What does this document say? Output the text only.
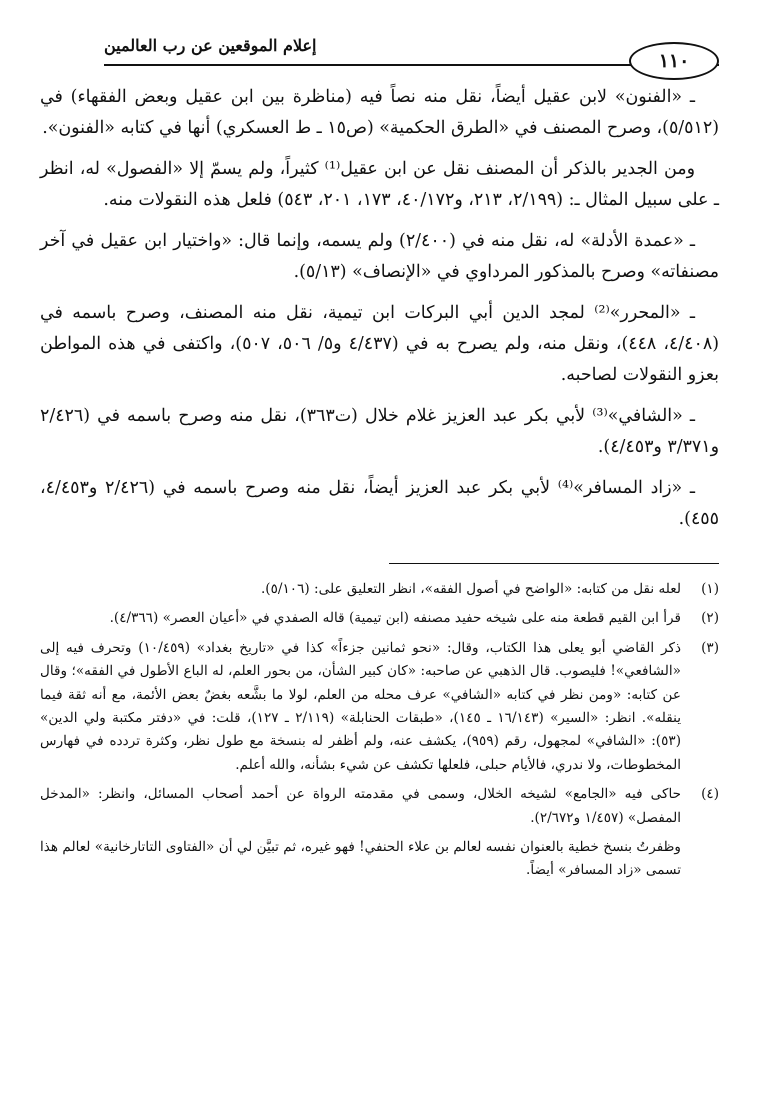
إعلام الموقعين عن رب العالمين
١١٠

ـ «الفنون» لابن عقيل أيضاً، نقل منه نصاً فيه (مناظرة بين ابن عقيل وبعض الفقهاء) في (٥/٥١٢)، وصرح المصنف في «الطرق الحكمية» (ص١٥ ـ ط العسكري) أنها في كتابه «الفنون».

ومن الجدير بالذكر أن المصنف نقل عن ابن عقيل⁽¹⁾ كثيراً، ولم يسمّ إلا «الفصول» له، انظر ـ على سبيل المثال ـ: (٢/١٩٩، ٢١٣، و٤٠/١٧٢، ١٧٣، ٢٠١، ٥٤٣) فلعل هذه النقولات منه.

ـ «عمدة الأدلة» له، نقل منه في (٢/٤٠٠) ولم يسمه، وإنما قال: «واختيار ابن عقيل في آخر مصنفاته» وصرح بالمذكور المرداوي في «الإنصاف» (٥/١٣).

ـ «المحرر»⁽²⁾ لمجد الدين أبي البركات ابن تيمية، نقل منه المصنف، وصرح باسمه في (٤/٤٠٨، ٤٤٨)، ونقل منه، ولم يصرح به في (٤/٤٣٧ و٥/ ٥٠٦، ٥٠٧)، واكتفى في هذه المواطن بعزو النقولات لصاحبه.

ـ «الشافي»⁽³⁾ لأبي بكر عبد العزيز غلام خلال (ت٣٦٣)، نقل منه وصرح باسمه في (٢/٤٢٦ و٣/٣٧١ و٤/٤٥٣).

ـ «زاد المسافر»⁽⁴⁾ لأبي بكر عبد العزيز أيضاً، نقل منه وصرح باسمه في (٢/٤٢٦ و٤/٤٥٣، ٤٥٥).

(١)
لعله نقل من كتابه: «الواضح في أصول الفقه»، انظر التعليق على: (٥/١٠٦).
(٢)
قرأ ابن القيم قطعة منه على شيخه حفيد مصنفه (ابن تيمية) قاله الصفدي في «أعيان العصر» (٤/٣٦٦).
(٣)
ذكر القاضي أبو يعلى هذا الكتاب، وقال: «نحو ثمانين جزءاً» كذا في «تاريخ بغداد» (١٠/٤٥٩) وتحرف فيه إلى «الشافعي»! فليصوب. قال الذهبي عن صاحبه: «كان كبير الشأن، من بحور العلم، له الباع الأطول في الفقه»؛ وقال عن كتابه: «ومن نظر في كتابه «الشافي» عرف محله من العلم، لولا ما بشَّعه بغضٌ بعض الأئمة، مع أنه ثقة فيما ينقله». انظر: «السير» (١٦/١٤٣ ـ ١٤٥)، «طبقات الحنابلة» (٢/١١٩ ـ ١٢٧)، قلت: في «دفتر مكتبة ولي الدين» (٥٣): «الشافي» لمجهول، رقم (٩٥٩)، يكشف عنه، ولم أظفر له بنسخة مع طول نظر، وكثرة تردده في فهارس المخطوطات، ولا ندري، فالأيام حبلى، فلعلها تكشف عن شيء بشأنه، والله أعلم.
(٤)
حاكى فيه «الجامع» لشيخه الخلال، وسمى في مقدمته الرواة عن أحمد أصحاب المسائل، وانظر: «المدخل المفصل» (١/٤٥٧ و٢/٦٧٢).
وظفرتُ بنسخ خطية بالعنوان نفسه لعالم بن علاء الحنفي! فهو غيره، ثم تبيَّن لي أن «الفتاوى التاتارخانية» لعالم هذا تسمى «زاد المسافر» أيضاً.
